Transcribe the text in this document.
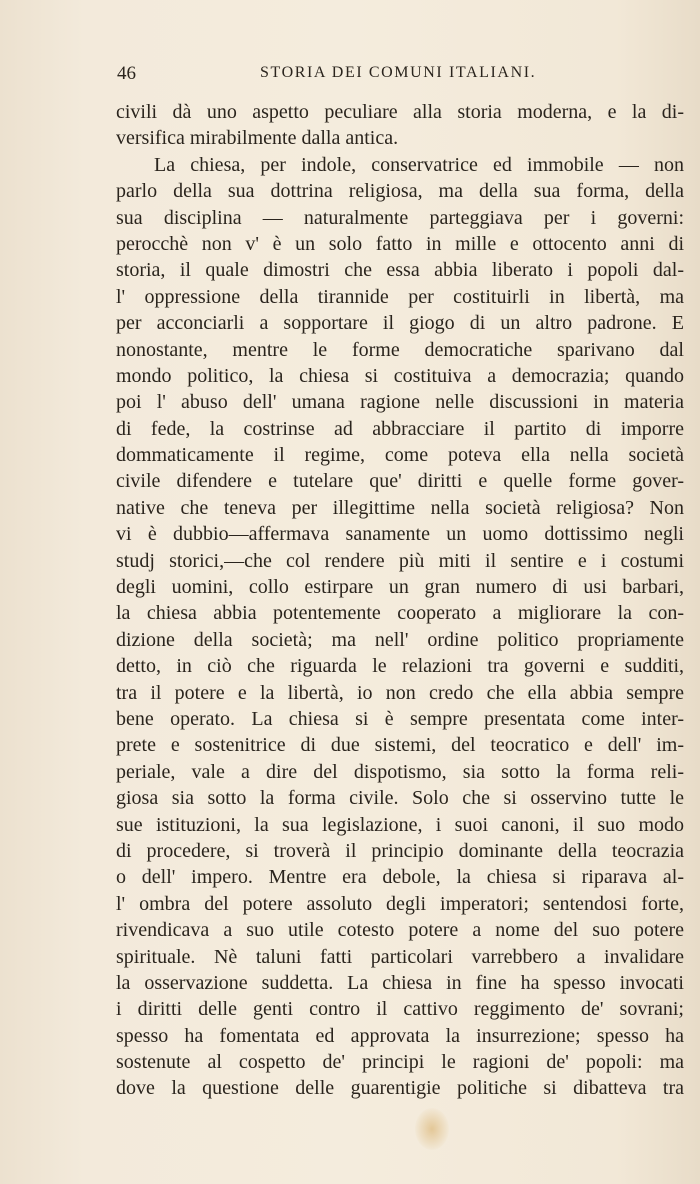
46	STORIA DEI COMUNI ITALIANI.
civili dà uno aspetto peculiare alla storia moderna, e la di-
versifica mirabilmente dalla antica.
La chiesa, per indole, conservatrice ed immobile — non
parlo della sua dottrina religiosa, ma della sua forma, della
sua disciplina — naturalmente parteggiava per i governi:
perocchè non v' è un solo fatto in mille e ottocento anni di
storia, il quale dimostri che essa abbia liberato i popoli dal-
l' oppressione della tirannide per costituirli in libertà, ma
per acconciarli a sopportare il giogo di un altro padrone. E
nonostante, mentre le forme democratiche sparivano dal
mondo politico, la chiesa si costituiva a democrazia; quando
poi l' abuso dell' umana ragione nelle discussioni in materia
di fede, la costrinse ad abbracciare il partito di imporre
dommaticamente il regime, come poteva ella nella società
civile difendere e tutelare que' diritti e quelle forme gover-
native che teneva per illegittime nella società religiosa? Non
vi è dubbio—affermava sanamente un uomo dottissimo negli
studj storici,—che col rendere più miti il sentire e i costumi
degli uomini, collo estirpare un gran numero di usi barbari,
la chiesa abbia potentemente cooperato a migliorare la con-
dizione della società; ma nell' ordine politico propriamente
detto, in ciò che riguarda le relazioni tra governi e sudditi,
tra il potere e la libertà, io non credo che ella abbia sempre
bene operato. La chiesa si è sempre presentata come inter-
prete e sostenitrice di due sistemi, del teocratico e dell' im-
periale, vale a dire del dispotismo, sia sotto la forma reli-
giosa sia sotto la forma civile. Solo che si osservino tutte le
sue istituzioni, la sua legislazione, i suoi canoni, il suo modo
di procedere, si troverà il principio dominante della teocrazia
o dell' impero. Mentre era debole, la chiesa si riparava al-
l' ombra del potere assoluto degli imperatori; sentendosi forte,
rivendicava a suo utile cotesto potere a nome del suo potere
spirituale. Nè taluni fatti particolari varrebbero a invalidare
la osservazione suddetta. La chiesa in fine ha spesso invocati
i diritti delle genti contro il cattivo reggimento de' sovrani;
spesso ha fomentata ed approvata la insurrezione; spesso ha
sostenute al cospetto de' principi le ragioni de' popoli: ma
dove la questione delle guarentigie politiche si dibatteva tra
